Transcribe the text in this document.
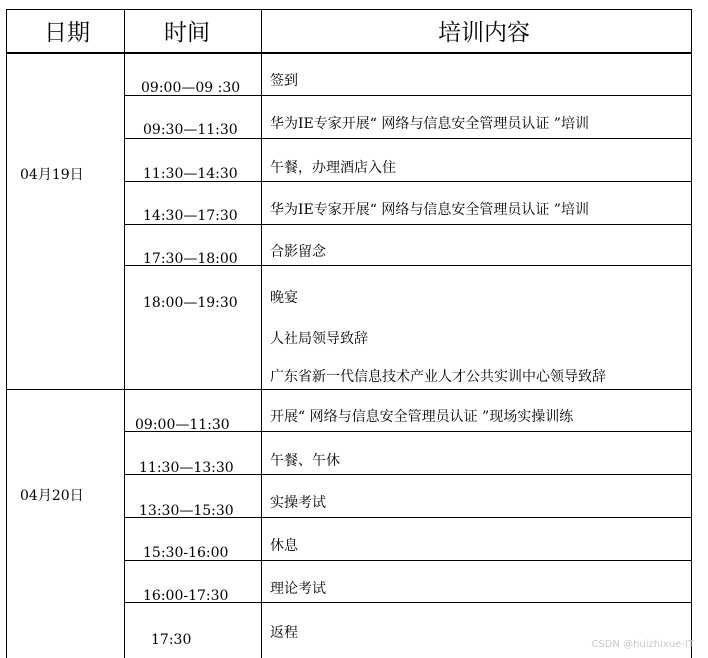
日期	时间	培训内容
04月19日
09:00—09 :30 签到
09:30—11:30 华为IE专家开展“ 网络与信息安全管理员认证 ”培训
11:30—14:30 午餐，办理酒店入住
14:30—17:30 华为IE专家开展“ 网络与信息安全管理员认证 ”培训
17:30—18:00 合影留念
18:00—19:30 晚宴
人社局领导致辞
广东省新一代信息技术产业人才公共实训中心领导致辞
04月20日
09:00—11:30	开展“ 网络与信息安全管理员认证 ”现场实操训练
11:30—13:30	午餐、午休
13:30—15:30	实操考试
15:30-16:00	休息
16:00-17:30	理论考试
17:30	返程
CSDN @huizhixue-IT
